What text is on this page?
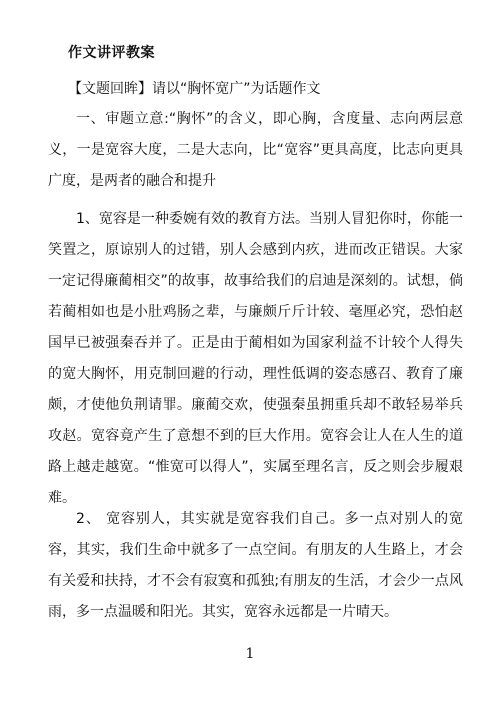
作文讲评教案
【文题回眸】请以“胸怀宽广”为话题作文

一、审题立意:“胸怀”的含义，即心胸，含度量、志向两层意义，一是宽容大度，二是大志向，比“宽容”更具高度，比志向更具广度，是两者的融合和提升

1、宽容是一种委婉有效的教育方法。当别人冒犯你时，你能一笑置之，原谅别人的过错，别人会感到内疚，进而改正错误。大家一定记得廉蔺相交”的故事，故事给我们的启迪是深刻的。试想，倘若蔺相如也是小肚鸡肠之辈，与廉颇斤斤计较、毫厘必究，恐怕赵国早已被强秦吞并了。正是由于蔺相如为国家利益不计较个人得失的宽大胸怀，用克制回避的行动，理性低调的姿态感召、教育了廉颇，才使他负荆请罪。廉蔺交欢，使强秦虽拥重兵却不敢轻易举兵攻赵。宽容竟产生了意想不到的巨大作用。宽容会让人在人生的道路上越走越宽。“惟宽可以得人”，实属至理名言，反之则会步履艰难。

2、 宽容别人，其实就是宽容我们自己。多一点对别人的宽容，其实，我们生命中就多了一点空间。有朋友的人生路上，才会有关爱和扶持，才不会有寂寞和孤独;有朋友的生活，才会少一点风雨，多一点温暖和阳光。其实，宽容永远都是一片晴天。

1
